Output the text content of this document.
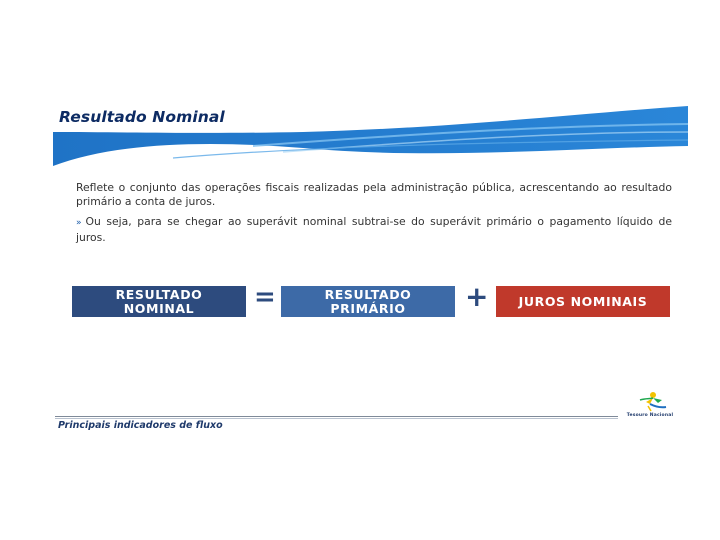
Resultado Nominal

Reflete o conjunto das operações fiscais realizadas pela administração pública, acrescentando ao resultado primário a conta de juros.

» Ou seja, para se chegar ao superávit nominal subtrai-se do superávit primário o pagamento líquido de juros.

RESULTADO
NOMINAL	=	RESULTADO
PRIMÁRIO + JUROS NOMINAIS
Principais indicadores de fluxo
Tesouro Nacional
